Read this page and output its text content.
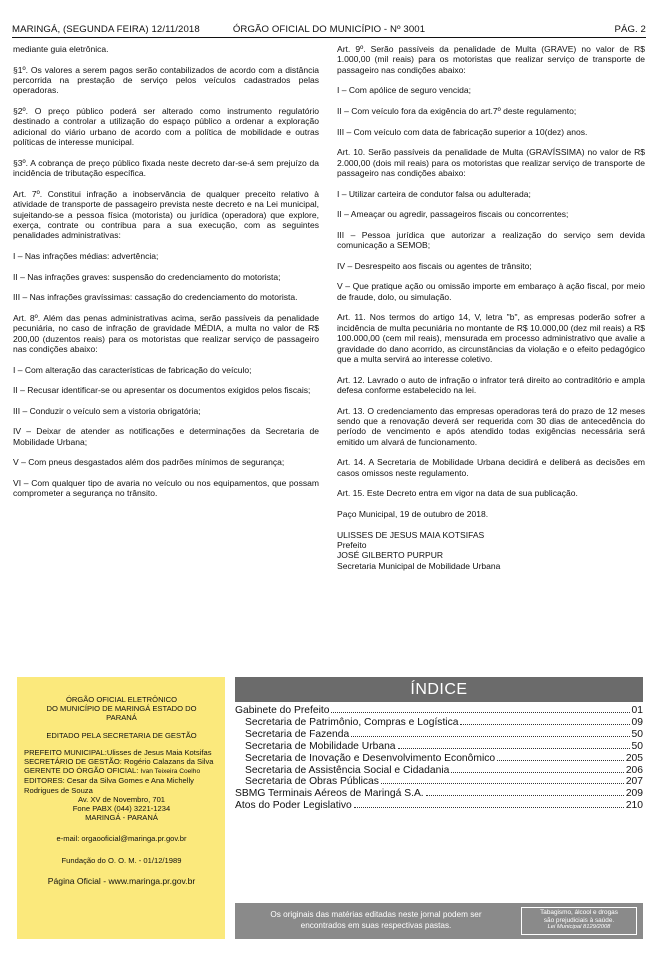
MARINGÁ, (SEGUNDA FEIRA) 12/11/2018	ÓRGÃO OFICIAL DO MUNICÍPIO - Nº 3001	PÁG. 2

mediante guia eletrônica.

§1º. Os valores a serem pagos serão contabilizados de acordo com a distância percorrida na prestação de serviço pelos veículos cadastrados pelas operadoras.

§2º. O preço público poderá ser alterado como instrumento regulatório destinado a controlar a utilização do espaço público a ordenar a exploração adicional do viário urbano de acordo com a política de mobilidade e outras políticas de interesse municipal.

§3º. A cobrança de preço público fixada neste decreto dar-se-á sem prejuízo da incidência de tributação específica.

Art. 7º. Constitui infração a inobservância de qualquer preceito relativo à atividade de transporte de passageiro prevista neste decreto e na Lei municipal, sujeitando-se a pessoa física (motorista) ou jurídica (operadora) que explore, exerça, contrate ou contribua para a sua execução, com as seguintes penalidades administrativas:

I – Nas infrações médias: advertência;

II – Nas infrações graves: suspensão do credenciamento do motorista;

III – Nas infrações gravíssimas: cassação do credenciamento do motorista.

Art. 8º. Além das penas administrativas acima, serão passíveis da penalidade pecuniária, no caso de infração de gravidade MÉDIA, a multa no valor de R$ 200,00 (duzentos reais) para os motoristas que realizar serviço de passageiro nas condições abaixo:

I – Com alteração das características de fabricação do veículo;

II – Recusar identificar-se ou apresentar os documentos exigidos pelos fiscais;

III – Conduzir o veículo sem a vistoria obrigatória;

IV – Deixar de atender as notificações e determinações da Secretaria de Mobilidade Urbana;

V – Com pneus desgastados além dos padrões mínimos de segurança;

VI – Com qualquer tipo de avaria no veículo ou nos equipamentos, que possam comprometer a segurança no trânsito.

Art. 9º. Serão passíveis da penalidade de Multa (GRAVE) no valor de R$ 1.000,00 (mil reais) para os motoristas que realizar serviço de transporte de passageiro nas condições abaixo:

I – Com apólice de seguro vencida;

II – Com veículo fora da exigência do art.7º deste regulamento;

III – Com veículo com data de fabricação superior a 10(dez) anos.

Art. 10. Serão passíveis da penalidade de Multa (GRAVÍSSIMA) no valor de R$ 2.000,00 (dois mil reais) para os motoristas que realizar serviço de transporte de passageiro nas condições abaixo:

I – Utilizar carteira de condutor falsa ou adulterada;

II – Ameaçar ou agredir, passageiros fiscais ou concorrentes;

III – Pessoa jurídica que autorizar a realização do serviço sem devida comunicação a SEMOB;

IV – Desrespeito aos fiscais ou agentes de trânsito;

V – Que pratique ação ou omissão importe em embaraço à ação fiscal, por meio de fraude, dolo, ou simulação.

Art. 11. Nos termos do artigo 14, V, letra "b", as empresas poderão sofrer a incidência de multa pecuniária no montante de R$ 10.000,00 (dez mil reais) a R$ 100.000,00 (cem mil reais), mensurada em processo administrativo que avalie a gravidade do dano acorrido, as circunstâncias da violação e o efeito pedagógico que a multa servirá ao interesse coletivo.

Art. 12. Lavrado o auto de infração o infrator terá direito ao contraditório e ampla defesa conforme estabelecido na lei.

Art. 13. O credenciamento das empresas operadoras terá do prazo de 12 meses sendo que a renovação deverá ser requerida com 30 dias de antecedência do período de vencimento e após atendido todas exigências necessária será emitido um alvará de funcionamento.

Art. 14. A Secretaria de Mobilidade Urbana decidirá e deliberá as decisões em casos omissos neste regulamento.

Art. 15. Este Decreto entra em vigor na data de sua publicação.

Paço Municipal, 19 de outubro de 2018.

ULISSES DE JESUS MAIA KOTSIFAS

Prefeito

JOSÉ GILBERTO PURPUR

Secretaria Municipal de Mobilidade Urbana

ÓRGÃO OFICIAL ELETRÔNICO
DO MUNICÍPIO DE MARINGÁ ESTADO DO
PARANÁ
EDITADO PELA SECRETARIA DE GESTÃO
PREFEITO MUNICIPAL:Ulisses de Jesus Maia Kotsifas
SECRETÁRIO DE GESTÃO: Rogério Calazans da Silva
GERENTE DO ÓRGÃO OFICIAL: Ivan Teixeira Coelho
EDITORES: Cesar da Silva Gomes e Ana Michelly Rodrigues de Souza
Av. XV de Novembro, 701
Fone PABX (044) 3221-1234
MARINGÁ - PARANÁ
e-mail: orgaooficial@maringa.pr.gov.br
Fundação do O. O. M. - 01/12/1989
Página Oficial - www.maringa.pr.gov.br
ÍNDICE
Gabinete do Prefeito	01
Secretaria de Patrimônio, Compras e Logística	09
Secretaria de Fazenda	50
Secretaria de Mobilidade Urbana	50
Secretaria de Inovação e Desenvolvimento Econômico	205
Secretaria de Assistência Social e Cidadania	206
Secretaria de Obras Públicas	207
SBMG Terminais Aéreos de Maringá S.A.	209
Atos do Poder Legislativo	210
Os originais das matérias editadas neste jornal podem ser
encontrados em suas respectivas pastas.
Tabagismo, álcool e drogas
são prejudiciais à saúde.
Lei Municipal 8129/2008
